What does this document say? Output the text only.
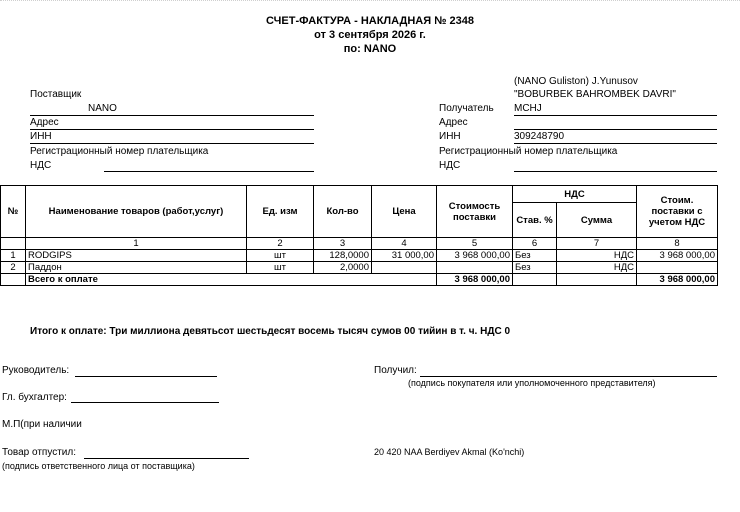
СЧЕТ-ФАКТУРА - НАКЛАДНАЯ № 2348
от 3 сентября 2026 г.
по: NANO
Поставщик
NANO
Адрес
ИНН
Регистрационный номер плательщика
НДС
(NANO Guliston) J.Yunusov
"BOBURBEK BAHROMBEK DAVRI"
Получатель MCHJ
Адрес
ИНН	309248790
Регистрационный номер плательщика
НДС
№	Наименование товаров (работ,услуг)	Ед. изм	Кол-во	Цена	Стоимость поставки	НДС		Стоим. поставки с учетом НДС
						Став. %	Сумма	
	1	2	3	4	5	6	7	8
1	RODGIPS	шт	128,0000	31 000,00	3 968 000,00	Без	НДС	3 968 000,00
2	Паддон	шт	2,0000			Без	НДС	
	Всего к оплате				3 968 000,00			3 968 000,00
Итого к оплате: Три миллиона девятьсот шестьдесят восемь тысяч сумов 00 тийин в т. ч. НДС 0
Руководитель:
Гл. бухгалтер:
М.П(при наличии
Товар отпустил:
(подпись ответственного лица от поставщика)
Получил:
(подпись покупателя или уполномоченного представителя)
20 420 NAA Berdiyev Akmal (Ko'nchi)
